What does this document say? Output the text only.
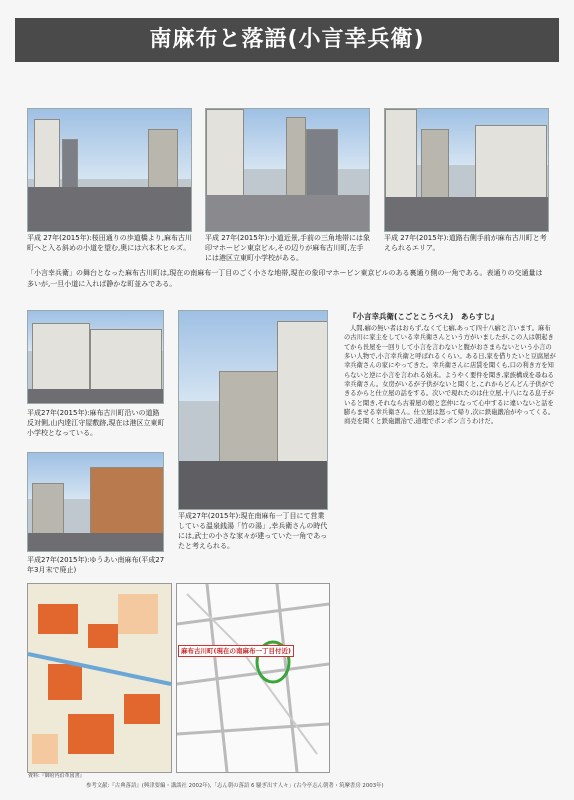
南麻布と落語(小言幸兵衛)
平成 27年(2015年):桜田通りの歩道橋より,麻布古川町へと入る斜めの小道を望む,奥には六本木ヒルズ。
平成 27年(2015年):小道近景,手前の三角地帯には象印マホービン東京ビル,その辺りが麻布古川町,左手には港区立東町小学校がある。
平成 27年(2015年):道路右側手前が麻布古川町と考えられるエリア。
「小言幸兵衛」の舞台となった麻布古川町は,現在の南麻布一丁目のごく小さな地帯,現在の象印マホービン東京ビルのある裏通り側の一角である。表通りの交通量は多いが,一旦小道に入れば静かな町並みである。
平成27年(2015年):麻布古川町沿いの道路反対側,山内達江守屋敷跡,現在は港区立東町小学校となっている。
平成27年(2015年):ゆうあい南麻布(平成27年3月末で廃止)
平成27年(2015年):現在南麻布一丁目にて営業している温泉銭湯「竹の湯」,幸兵衛さんの時代には,武士の小さな家々が建っていた一角であったと考えられる。
『小言幸兵衛(こごとこうべえ)　あらすじ』
人間,癖の無い者はおらず,なくて七癖,あって四十八癖と言います。麻布の古川に家主をしている幸兵衛さんという方がいましたが,この人は朝起きてから長屋を一回りして小言を言わないと腹がおさまらないという小言の多い人物で,小言幸兵衛と呼ばれるくらい。ある日,家を借りたいと豆腐屋が幸兵衛さんの家にやってきた。幸兵衛さんに店賃を聞くも,口の利き方を知らないと逆に小言を言われる始末。ようやく要件を聞き,家族構成を尋ねる幸兵衛さん。女房がいるが子供がないと聞くと,これからどんどん子供ができるからと仕立屋の話をする。次いで現れたのは仕立屋,十八になる息子がいると聞き,それなら古着屋の娘と恋仲になって心中するに違いないと話を膨らませる幸兵衛さん。仕立屋は怒って帰り,次に鉄砲鍛冶がやってくる。商売を聞くと鉄砲鍛冶で,道理でポンポン言うわけだ。
麻布古川町(現在の南麻布一丁目付近)
資料:『御府内沿革図書』
参考文献:『古典落語』(興津要編・講談社 2002年),「志ん朝の落語 6 騒ぎ出す人々」(古今亭志ん朝著・筑摩書房 2003年)
